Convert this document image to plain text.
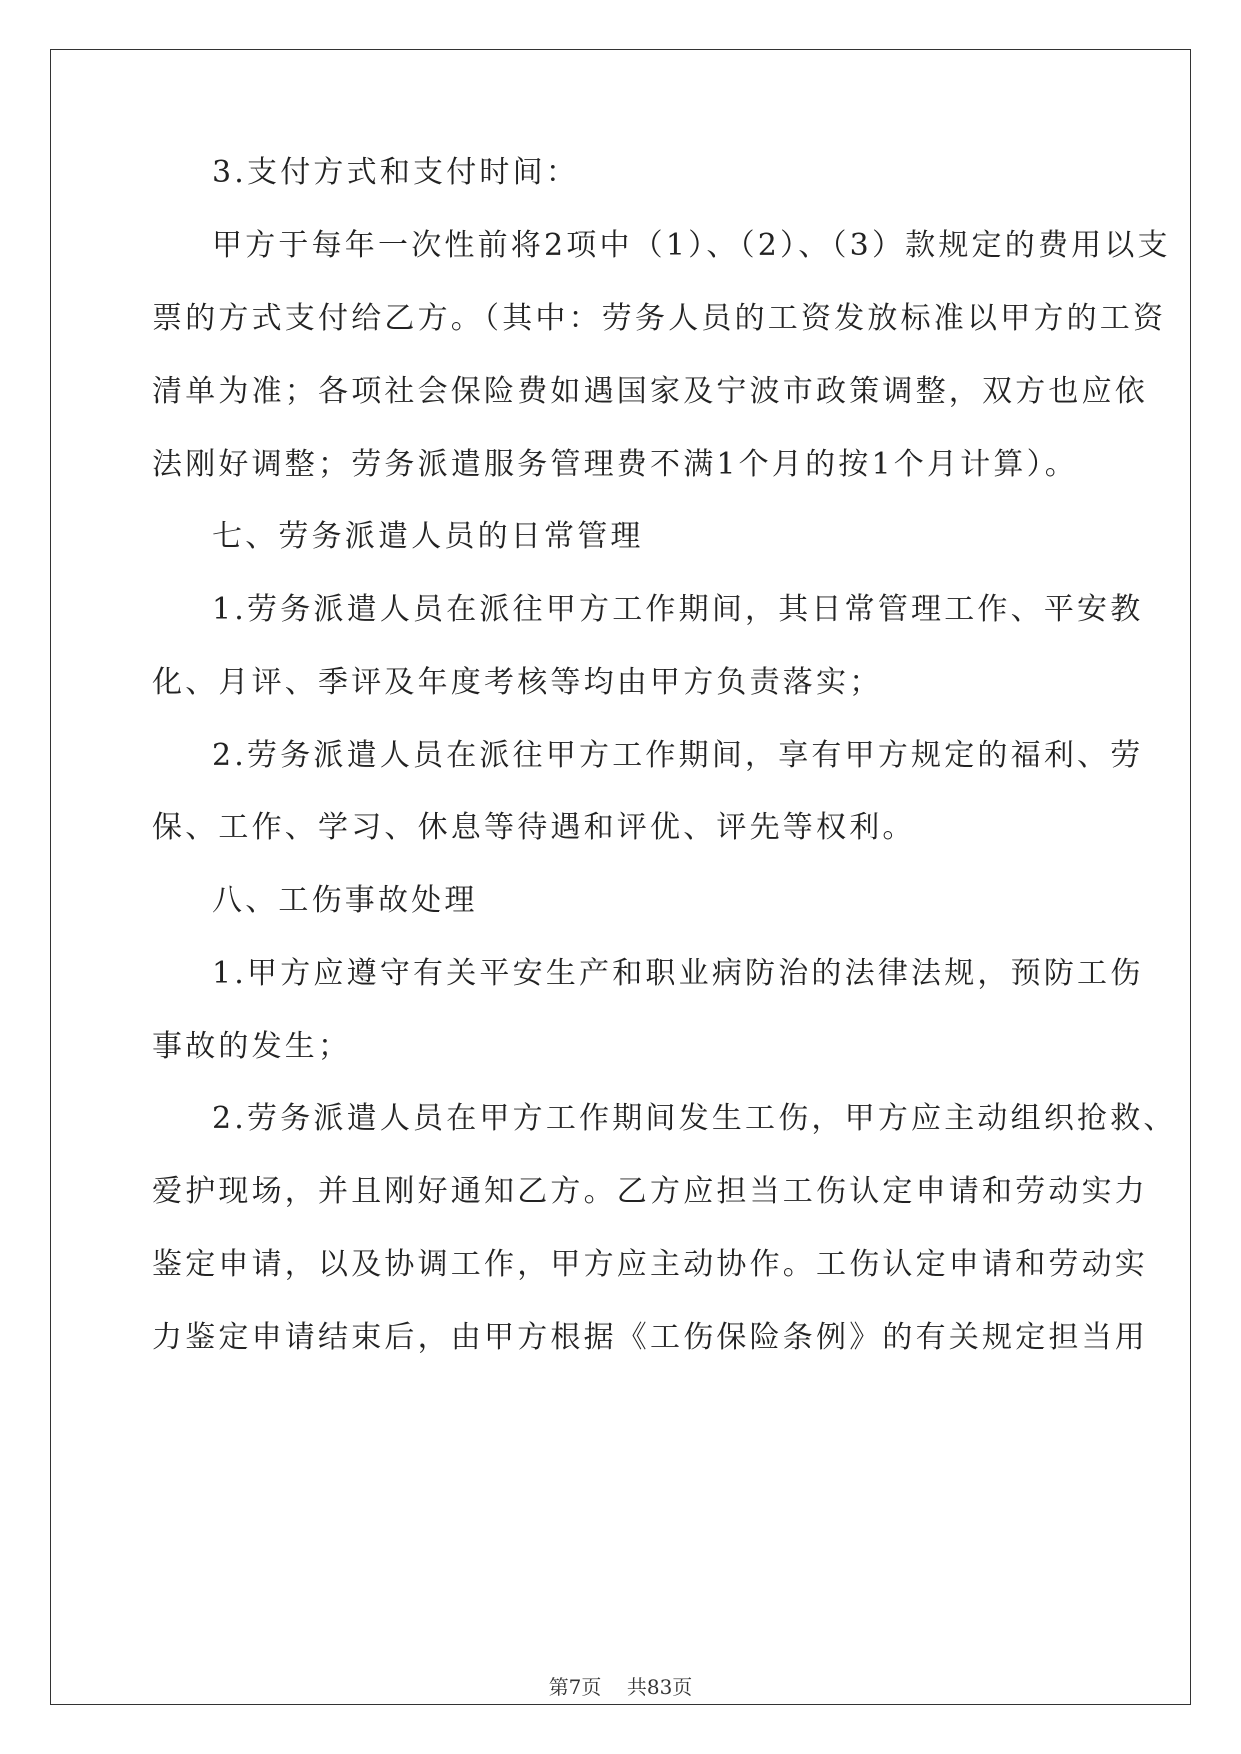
3.支付方式和支付时间：
甲方于每年一次性前将2项中（1）、（2）、（3）款规定的费用以支
票的方式支付给乙方。（其中：劳务人员的工资发放标准以甲方的工资
清单为准；各项社会保险费如遇国家及宁波市政策调整，双方也应依
法刚好调整；劳务派遣服务管理费不满1个月的按1个月计算）。
七、劳务派遣人员的日常管理
1.劳务派遣人员在派往甲方工作期间，其日常管理工作、平安教
化、月评、季评及年度考核等均由甲方负责落实；
2.劳务派遣人员在派往甲方工作期间，享有甲方规定的福利、劳
保、工作、学习、休息等待遇和评优、评先等权利。
八、工伤事故处理
1.甲方应遵守有关平安生产和职业病防治的法律法规，预防工伤
事故的发生；
2.劳务派遣人员在甲方工作期间发生工伤，甲方应主动组织抢救、
爱护现场，并且刚好通知乙方。乙方应担当工伤认定申请和劳动实力
鉴定申请，以及协调工作，甲方应主动协作。工伤认定申请和劳动实
力鉴定申请结束后，由甲方根据《工伤保险条例》的有关规定担当用
第7页 共83页
